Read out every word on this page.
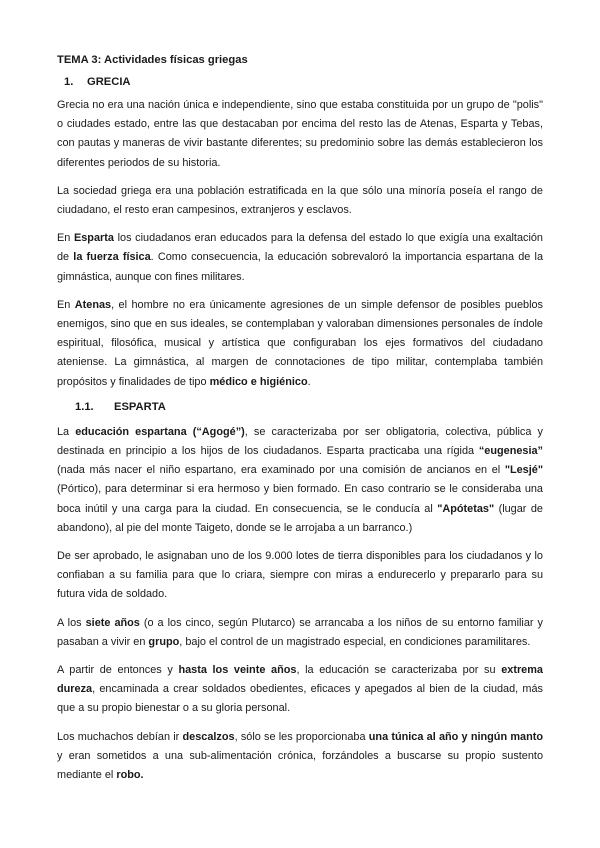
TEMA 3: Actividades físicas griegas
1. GRECIA

Grecia no era una nación única e independiente, sino que estaba constituida por un grupo de "polis" o ciudades estado, entre las que destacaban por encima del resto las de Atenas, Esparta y Tebas, con pautas y maneras de vivir bastante diferentes; su predominio sobre las demás establecieron los diferentes periodos de su historia.

La sociedad griega era una población estratificada en la que sólo una minoría poseía el rango de ciudadano, el resto eran campesinos, extranjeros y esclavos.

En Esparta los ciudadanos eran educados para la defensa del estado lo que exigía una exaltación de la fuerza física. Como consecuencia, la educación sobrevaloró la importancia espartana de la gimnástica, aunque con fines militares.

En Atenas, el hombre no era únicamente agresiones de un simple defensor de posibles pueblos enemigos, sino que en sus ideales, se contemplaban y valoraban dimensiones personales de índole espiritual, filosófica, musical y artística que configuraban los ejes formativos del ciudadano ateniense. La gimnástica, al margen de connotaciones de tipo militar, contemplaba también propósitos y finalidades de tipo médico e higiénico.

1.1. ESPARTA

La educación espartana (“Agogé”), se caracterizaba por ser obligatoria, colectiva, pública y destinada en principio a los hijos de los ciudadanos. Esparta practicaba una rígida “eugenesia” (nada más nacer el niño espartano, era examinado por una comisión de ancianos en el "Lesjé" (Pórtico), para determinar si era hermoso y bien formado. En caso contrario se le consideraba una boca inútil y una carga para la ciudad. En consecuencia, se le conducía al "Apótetas" (lugar de abandono), al pie del monte Taigeto, donde se le arrojaba a un barranco.)

De ser aprobado, le asignaban uno de los 9.000 lotes de tierra disponibles para los ciudadanos y lo confiaban a su familia para que lo criara, siempre con miras a endurecerlo y prepararlo para su futura vida de soldado.

A los siete años (o a los cinco, según Plutarco) se arrancaba a los niños de su entorno familiar y pasaban a vivir en grupo, bajo el control de un magistrado especial, en condiciones paramilitares.

A partir de entonces y hasta los veinte años, la educación se caracterizaba por su extrema dureza, encaminada a crear soldados obedientes, eficaces y apegados al bien de la ciudad, más que a su propio bienestar o a su gloria personal.

Los muchachos debían ir descalzos, sólo se les proporcionaba una túnica al año y ningún manto y eran sometidos a una sub-alimentación crónica, forzándoles a buscarse su propio sustento mediante el robo.
